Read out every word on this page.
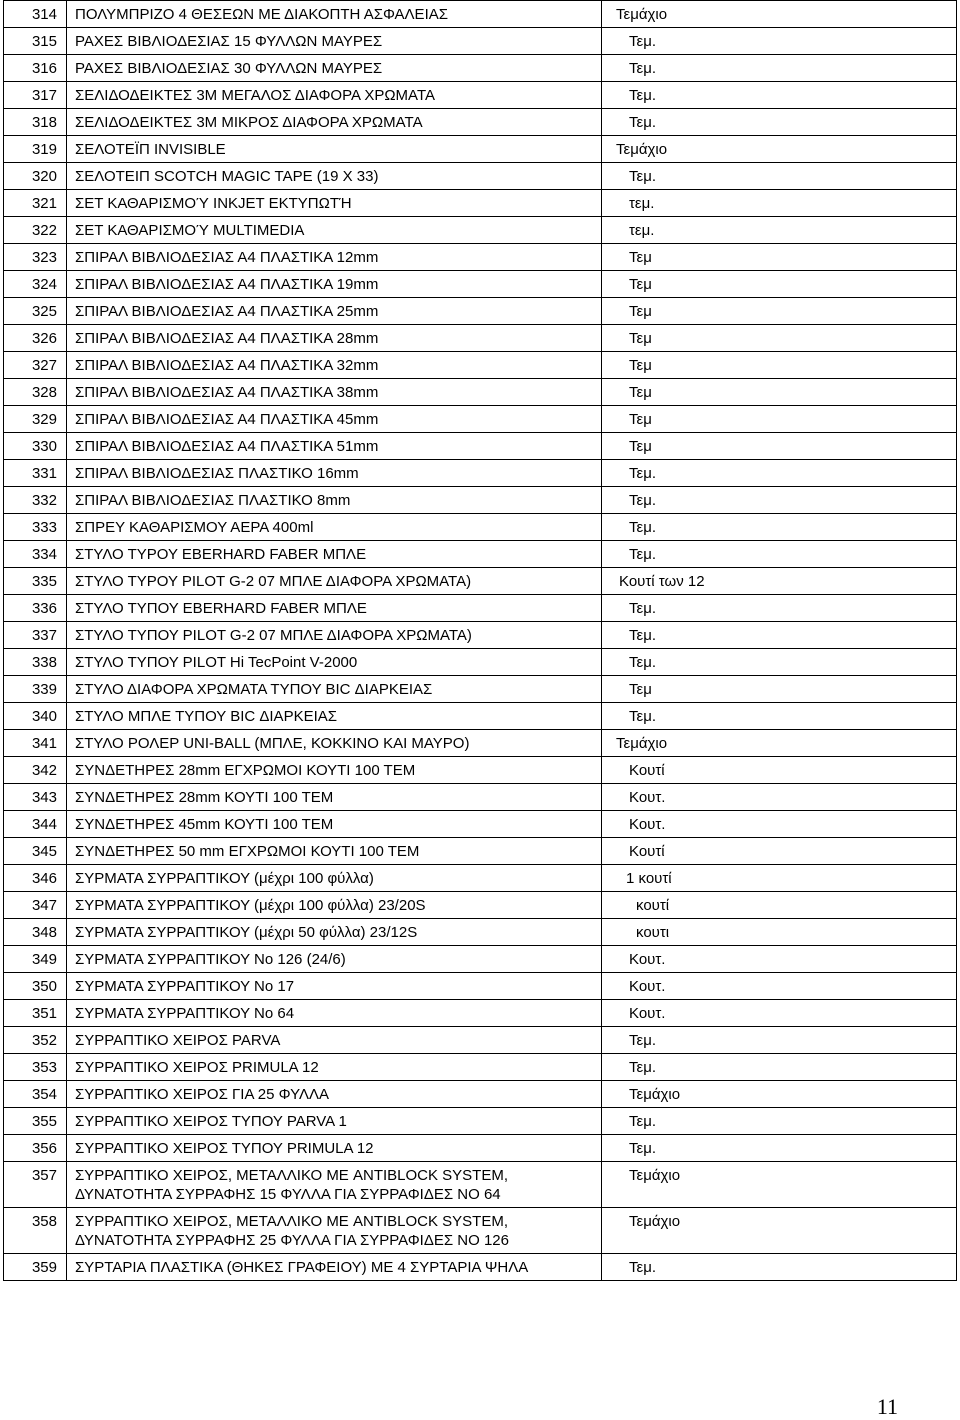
314	ΠΟΛΥΜΠΡΙΖΟ 4 ΘΕΣΕΩΝ ΜΕ ΔΙΑΚΟΠΤΗ ΑΣΦΑΛΕΙΑΣ	Τεμάχιο
315	ΡΑΧΕΣ ΒΙΒΛΙΟΔΕΣΙΑΣ 15 ΦΥΛΛΩΝ ΜΑΥΡΕΣ	Τεμ.
316	ΡΑΧΕΣ ΒΙΒΛΙΟΔΕΣΙΑΣ 30 ΦΥΛΛΩΝ ΜΑΥΡΕΣ	Τεμ.
317	ΣΕΛΙΔΟΔΕΙΚΤΕΣ 3Μ ΜΕΓΑΛΟΣ ΔΙΑΦΟΡΑ ΧΡΩΜΑΤΑ	Τεμ.
318	ΣΕΛΙΔΟΔΕΙΚΤΕΣ 3Μ ΜΙΚΡΟΣ ΔΙΑΦΟΡΑ ΧΡΩΜΑΤΑ	Τεμ.
319	ΣΕΛΟΤΕΪΠ INVISIBLE	Τεμάχιο
320	ΣΕΛΟΤΕΙΠ SCOTCH MAGIC TAPE (19 X 33)	Τεμ.
321	ΣΕΤ ΚΑΘΑΡΙΣΜΟΎ INKJET ΕΚΤΥΠΩΤΉ	τεμ.
322	ΣΕΤ ΚΑΘΑΡΙΣΜΟΎ MULTIMEDIA	τεμ.
323	ΣΠΙΡΑΛ ΒΙΒΛΙΟΔΕΣΙΑΣ Α4 ΠΛΑΣΤΙΚΑ 12mm	Τεμ
324	ΣΠΙΡΑΛ ΒΙΒΛΙΟΔΕΣΙΑΣ Α4 ΠΛΑΣΤΙΚΑ 19mm	Τεμ
325	ΣΠΙΡΑΛ ΒΙΒΛΙΟΔΕΣΙΑΣ Α4 ΠΛΑΣΤΙΚΑ 25mm	Τεμ
326	ΣΠΙΡΑΛ ΒΙΒΛΙΟΔΕΣΙΑΣ Α4 ΠΛΑΣΤΙΚΑ 28mm	Τεμ
327	ΣΠΙΡΑΛ ΒΙΒΛΙΟΔΕΣΙΑΣ Α4 ΠΛΑΣΤΙΚΑ 32mm	Τεμ
328	ΣΠΙΡΑΛ ΒΙΒΛΙΟΔΕΣΙΑΣ Α4 ΠΛΑΣΤΙΚΑ 38mm	Τεμ
329	ΣΠΙΡΑΛ ΒΙΒΛΙΟΔΕΣΙΑΣ Α4 ΠΛΑΣΤΙΚΑ 45mm	Τεμ
330	ΣΠΙΡΑΛ ΒΙΒΛΙΟΔΕΣΙΑΣ Α4 ΠΛΑΣΤΙΚΑ 51mm	Τεμ
331	ΣΠΙΡΑΛ ΒΙΒΛΙΟΔΕΣΙΑΣ ΠΛΑΣΤΙΚΟ 16mm	Τεμ.
332	ΣΠΙΡΑΛ ΒΙΒΛΙΟΔΕΣΙΑΣ ΠΛΑΣΤΙΚΟ 8mm	Τεμ.
333	ΣΠΡΕΥ ΚΑΘΑΡΙΣΜΟΥ ΑΕΡΑ 400ml	Τεμ.
334	ΣΤΥΛΟ ΤΥΡΟΥ EBERHARD FABER ΜΠΛΕ	Τεμ.
335	ΣΤΥΛΟ ΤΥΡΟΥ PILOT G-2 07 ΜΠΛΕ ΔΙΑΦΟΡΑ ΧΡΩΜΑΤΑ)	Κουτί των 12
336	ΣΤΥΛΟ ΤΥΠΟΥ EBERHARD FABER ΜΠΛΕ	Τεμ.
337	ΣΤΥΛΟ ΤΥΠΟΥ PILOT G-2 07 ΜΠΛΕ ΔΙΑΦΟΡΑ ΧΡΩΜΑΤΑ)	Τεμ.
338	ΣΤΥΛΟ ΤΥΠΟΥ PILOT Hi TecPoint V-2000	Τεμ.
339	ΣΤΥΛΟ ΔΙΑΦΟΡΑ ΧΡΩΜΑΤΑ ΤΥΠΟΥ BIC ΔΙΑΡΚΕΙΑΣ	Τεμ
340	ΣΤΥΛΟ ΜΠΛΕ ΤΥΠΟΥ BIC ΔΙΑΡΚΕΙΑΣ	Τεμ.
341	ΣΤΥΛΟ ΡΟΛΕΡ UNI-BALL (ΜΠΛΕ, ΚΟΚΚΙΝΟ ΚΑΙ ΜΑΥΡΟ)	Τεμάχιο
342	ΣΥΝΔΕΤΗΡΕΣ 28mm ΕΓΧΡΩΜΟΙ ΚΟΥΤΙ 100 ΤΕΜ	Κουτί
343	ΣΥΝΔΕΤΗΡΕΣ 28mm ΚΟΥΤΙ 100 ΤΕΜ	Κουτ.
344	ΣΥΝΔΕΤΗΡΕΣ 45mm ΚΟΥΤΙ 100 ΤΕΜ	Κουτ.
345	ΣΥΝΔΕΤΗΡΕΣ 50 mm ΕΓΧΡΩΜΟΙ ΚΟΥΤΙ 100 ΤΕΜ	Κουτί
346	ΣΥΡΜΑΤΑ ΣΥΡΡΑΠΤΙΚΟΥ (μέχρι 100 φύλλα)	1 κουτί
347	ΣΥΡΜΑΤΑ ΣΥΡΡΑΠΤΙΚΟΥ (μέχρι 100 φύλλα) 23/20S	κουτί
348	ΣΥΡΜΑΤΑ ΣΥΡΡΑΠΤΙΚΟΥ (μέχρι 50 φύλλα) 23/12S	κουτι
349	ΣΥΡΜΑΤΑ ΣΥΡΡΑΠΤΙΚΟΥ No 126 (24/6)	Κουτ.
350	ΣΥΡΜΑΤΑ ΣΥΡΡΑΠΤΙΚΟΥ No 17	Κουτ.
351	ΣΥΡΜΑΤΑ ΣΥΡΡΑΠΤΙΚΟΥ No 64	Κουτ.
352	ΣΥΡΡΑΠΤΙΚΟ ΧΕΙΡΟΣ PARVA	Τεμ.
353	ΣΥΡΡΑΠΤΙΚΟ ΧΕΙΡΟΣ PRIMULA 12	Τεμ.
354	ΣΥΡΡΑΠΤΙΚΟ ΧΕΙΡΟΣ ΓΙΑ 25 ΦΥΛΛΑ	Τεμάχιο
355	ΣΥΡΡΑΠΤΙΚΟ ΧΕΙΡΟΣ ΤΥΠΟΥ PARVA 1	Τεμ.
356	ΣΥΡΡΑΠΤΙΚΟ ΧΕΙΡΟΣ ΤΥΠΟΥ PRIMULA 12	Τεμ.
357	ΣΥΡΡΑΠΤΙΚΟ ΧΕΙΡΟΣ, ΜΕΤΑΛΛΙΚΟ ΜΕ ANTIBLOCK SYSTEM, ΔΥΝΑΤΟΤΗΤΑ ΣΥΡΡΑΦΗΣ 15 ΦΥΛΛΑ ΓΙΑ ΣΥΡΡΑΦΙΔΕΣ ΝΟ 64	Τεμάχιο
358	ΣΥΡΡΑΠΤΙΚΟ ΧΕΙΡΟΣ, ΜΕΤΑΛΛΙΚΟ ΜΕ ANTIBLOCK SYSTEM, ΔΥΝΑΤΟΤΗΤΑ ΣΥΡΡΑΦΗΣ 25 ΦΥΛΛΑ ΓΙΑ ΣΥΡΡΑΦΙΔΕΣ ΝΟ 126	Τεμάχιο
359	ΣΥΡΤΑΡΙΑ ΠΛΑΣΤΙΚΑ (ΘΗΚΕΣ ΓΡΑΦΕΙΟΥ) ΜΕ 4 ΣΥΡΤΑΡΙΑ ΨΗΛΑ	Τεμ.
11
